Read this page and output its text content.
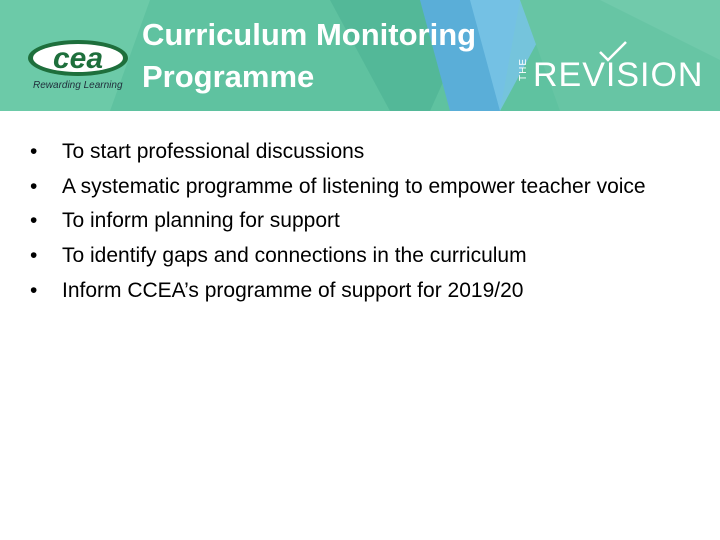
cea
Rewarding Learning
Curriculum Monitoring
Programme	THE REVISION
• To start professional discussions
• A systematic programme of listening to empower teacher voice
• To inform planning for support
• To identify gaps and connections in the curriculum
• Inform CCEA’s programme of support for 2019/20
